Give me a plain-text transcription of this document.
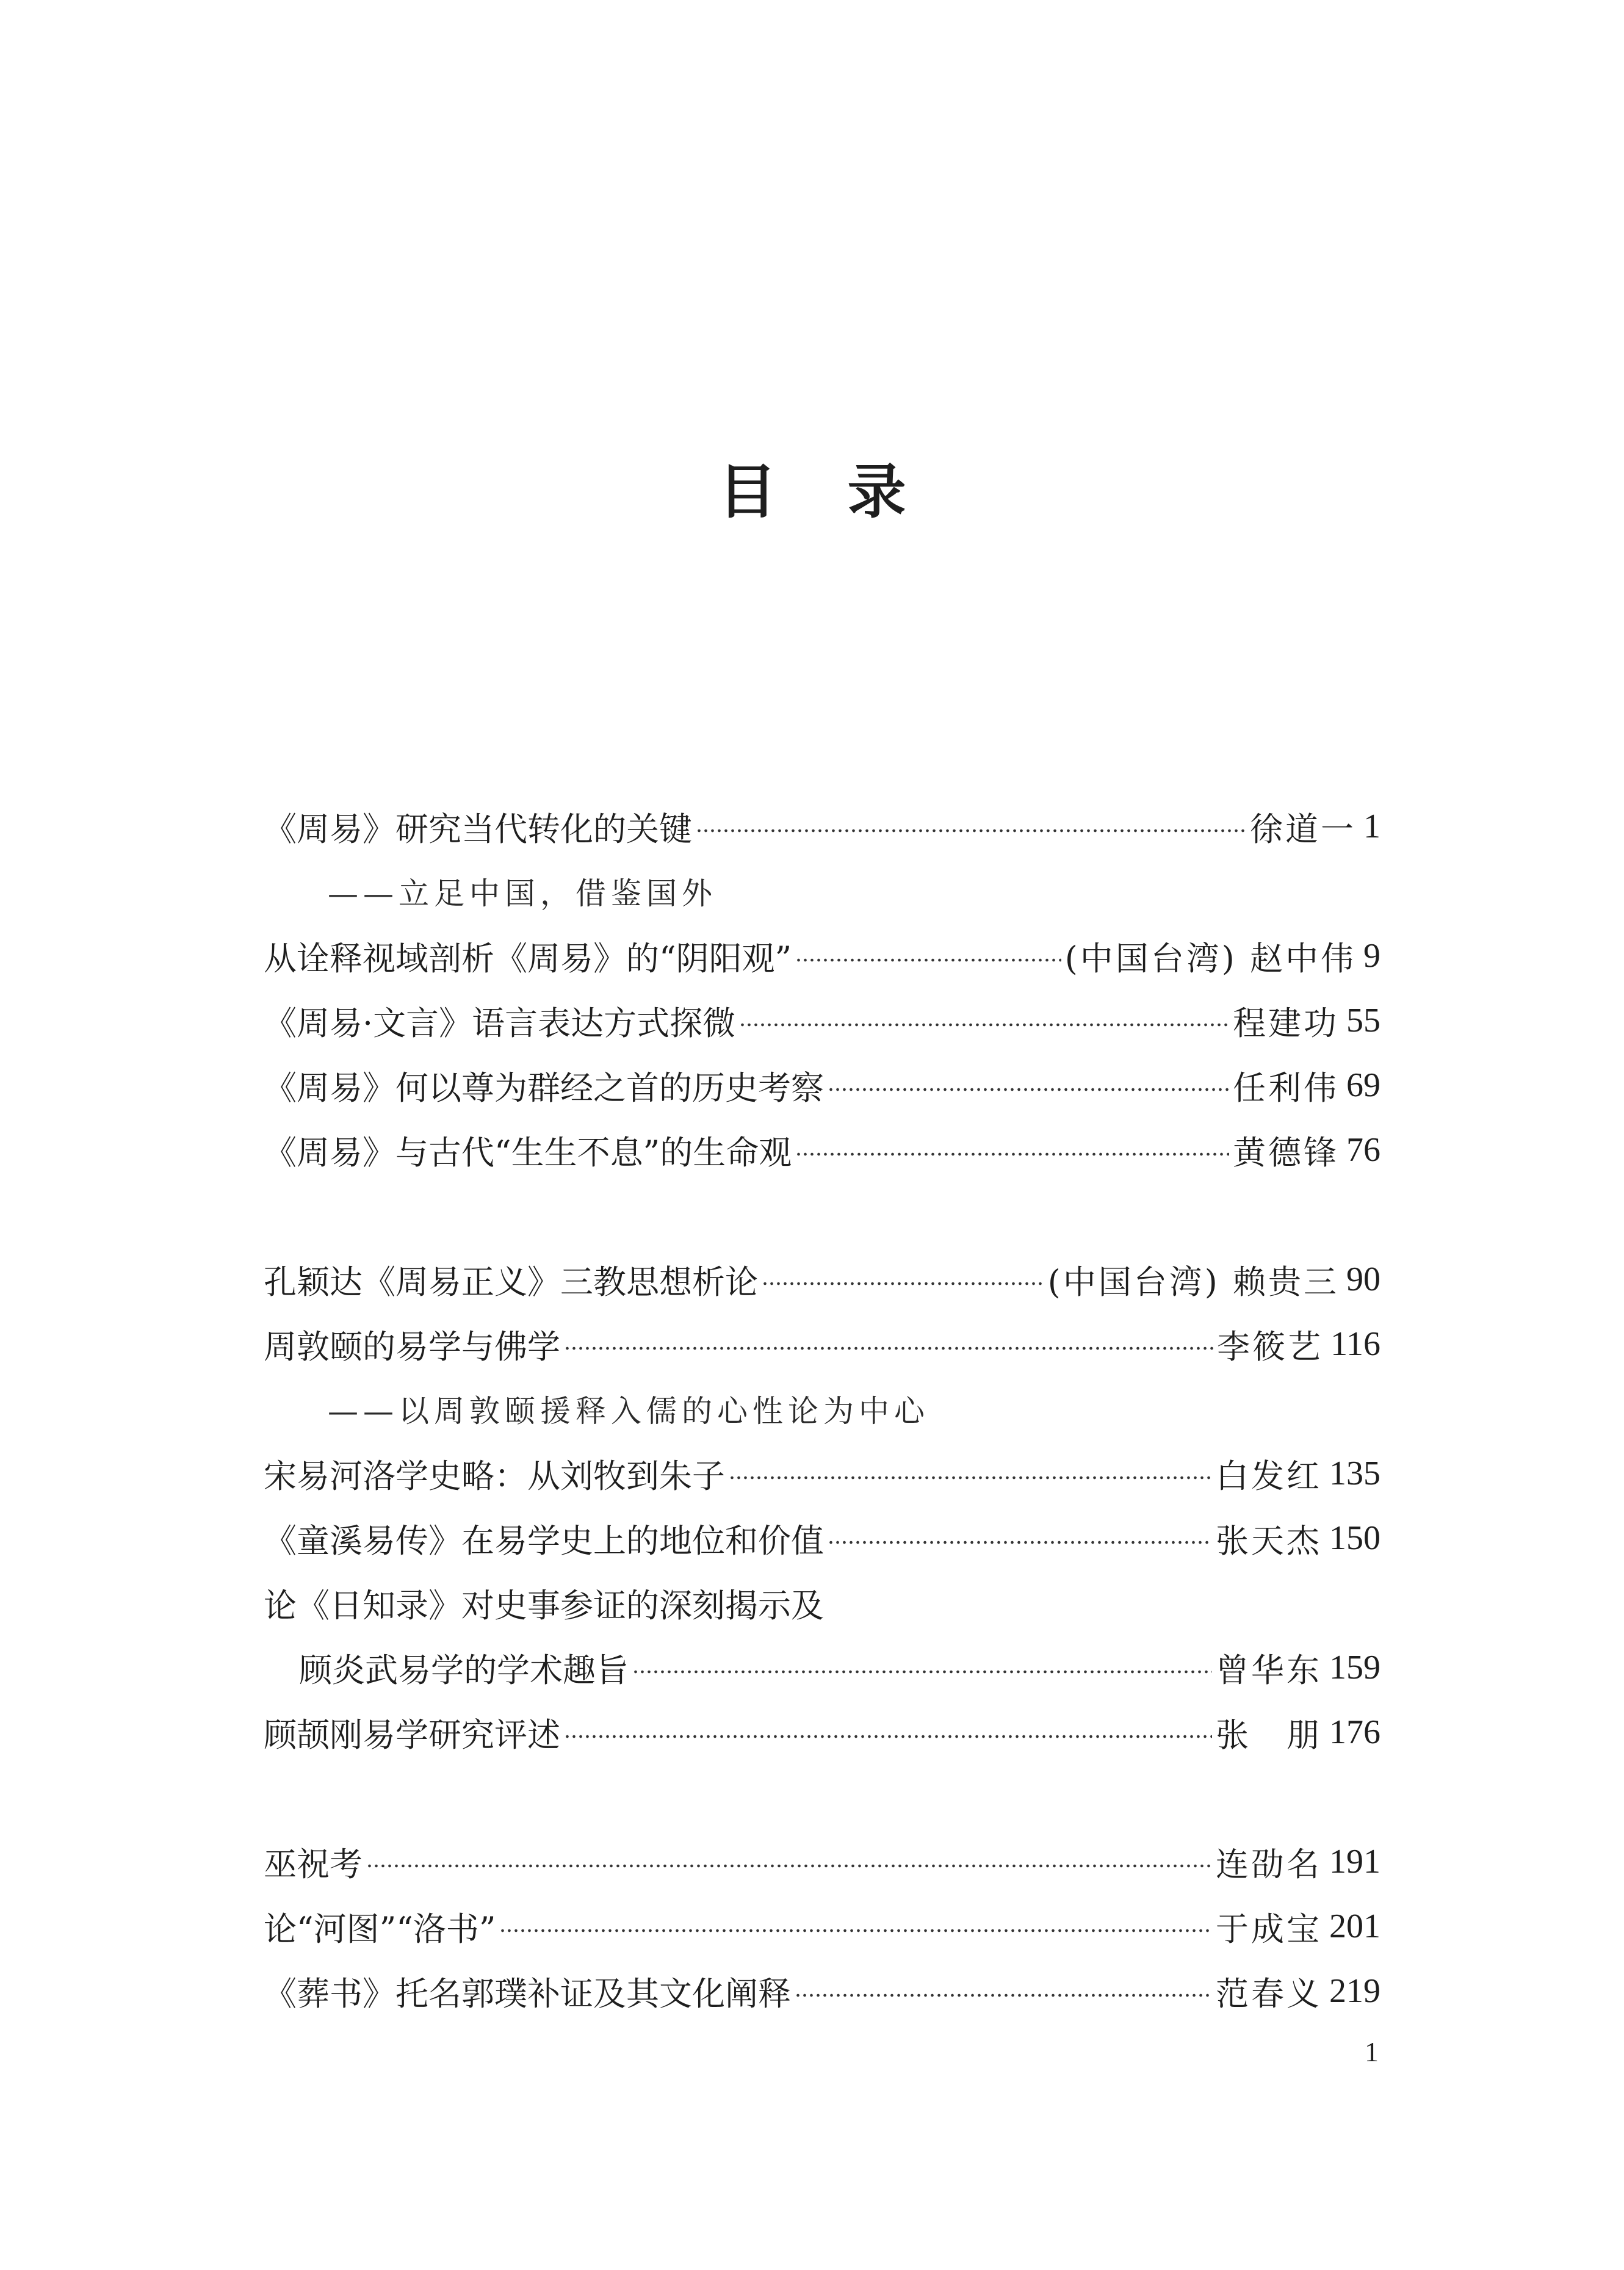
目 录
《周易》研究当代转化的关键	徐道一 1
——立足中国，借鉴国外
从诠释视域剖析《周易》的“阴阳观”	(中国台湾) 赵中伟 9
《周易·文言》语言表达方式探微	程建功 55
《周易》何以尊为群经之首的历史考察	任利伟 69
《周易》与古代“生生不息”的生命观	黄德锋 76
孔颖达《周易正义》三教思想析论	(中国台湾) 赖贵三 90
周敦颐的易学与佛学	李筱艺 116
——以周敦颐援释入儒的心性论为中心
宋易河洛学史略：从刘牧到朱子	白发红 135
《童溪易传》在易学史上的地位和价值	张天杰 150
论《日知录》对史事参证的深刻揭示及
顾炎武易学的学术趣旨	曾华东 159
顾颉刚易学研究评述	张　朋 176
巫祝考	连劭名 191
论“河图”“洛书”	于成宝 201
《葬书》托名郭璞补证及其文化阐释	范春义 219
1
